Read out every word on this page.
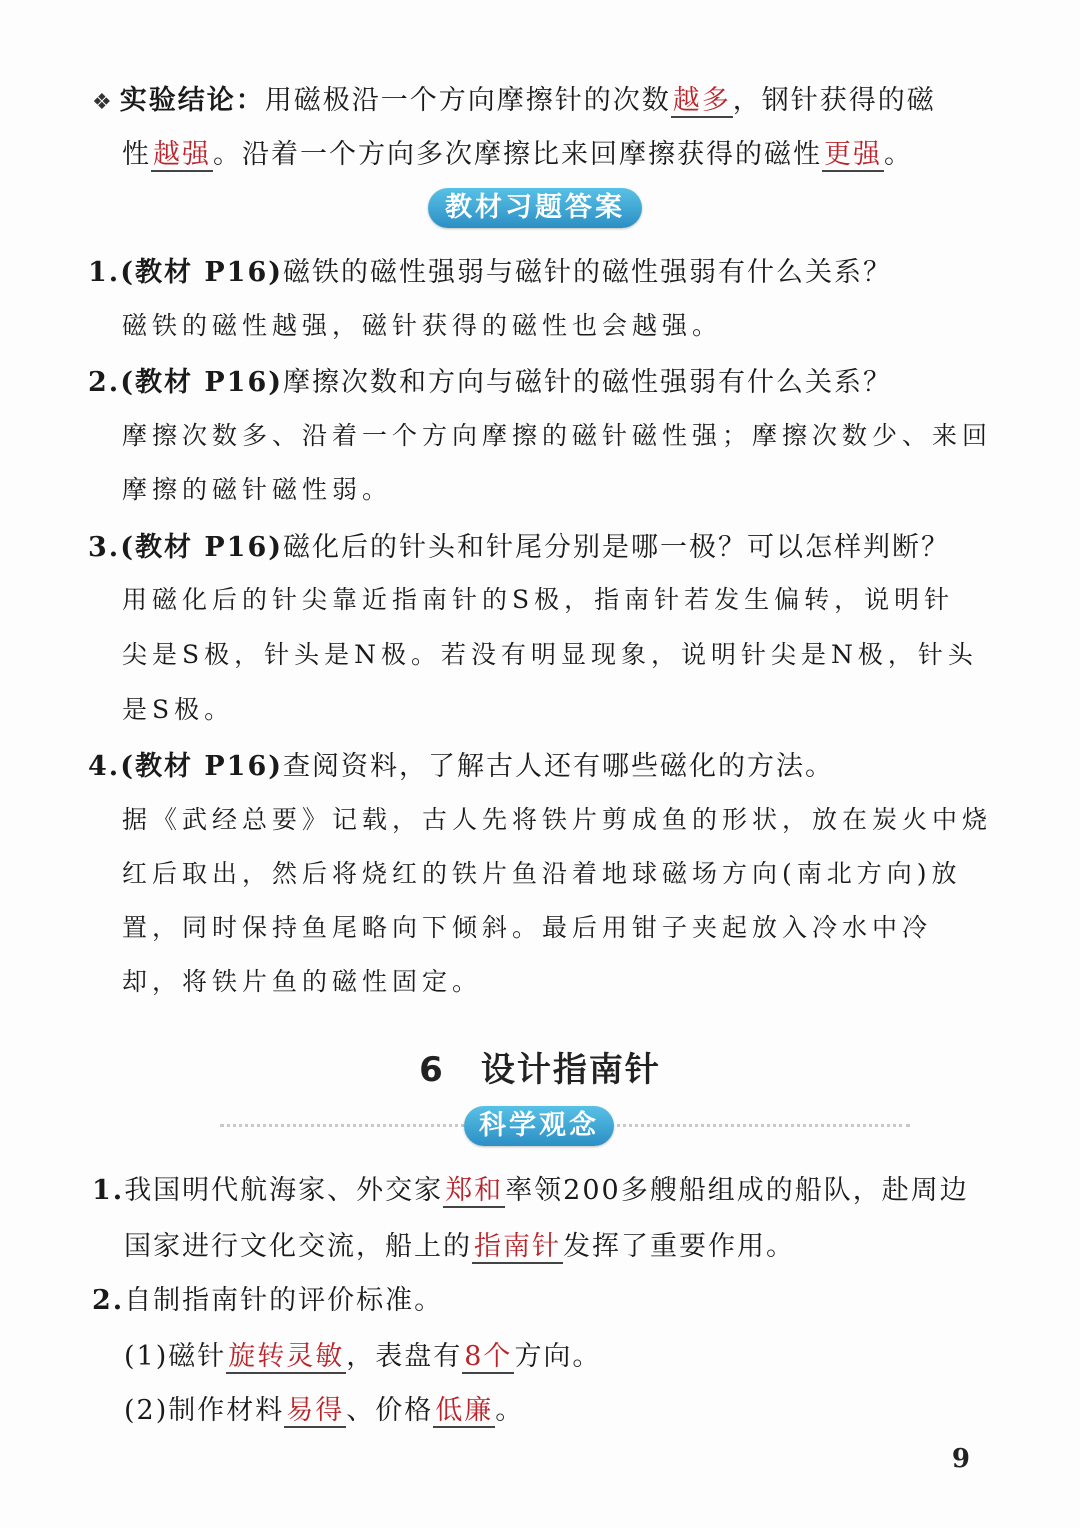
❖ 实验结论：用磁极沿一个方向摩擦针的次数越多，钢针获得的磁
性越强。沿着一个方向多次摩擦比来回摩擦获得的磁性更强。
教材习题答案
1.(教材 P16)磁铁的磁性强弱与磁针的磁性强弱有什么关系？
磁铁的磁性越强，磁针获得的磁性也会越强。
2.(教材 P16)摩擦次数和方向与磁针的磁性强弱有什么关系？
摩擦次数多、沿着一个方向摩擦的磁针磁性强；摩擦次数少、来回
摩擦的磁针磁性弱。
3.(教材 P16)磁化后的针头和针尾分别是哪一极？可以怎样判断？
用磁化后的针尖靠近指南针的S极，指南针若发生偏转，说明针
尖是S极，针头是N极。若没有明显现象，说明针尖是N极，针头
是S极。
4.(教材 P16)查阅资料，了解古人还有哪些磁化的方法。
据《武经总要》记载，古人先将铁片剪成鱼的形状，放在炭火中烧
红后取出，然后将烧红的铁片鱼沿着地球磁场方向(南北方向)放
置，同时保持鱼尾略向下倾斜。最后用钳子夹起放入冷水中冷
却，将铁片鱼的磁性固定。
6 设计指南针
科学观念
1.我国明代航海家、外交家郑和率领200多艘船组成的船队，赴周边
国家进行文化交流，船上的指南针发挥了重要作用。
2.自制指南针的评价标准。
(1)磁针旋转灵敏，表盘有8个方向。
(2)制作材料易得、价格低廉。
9
